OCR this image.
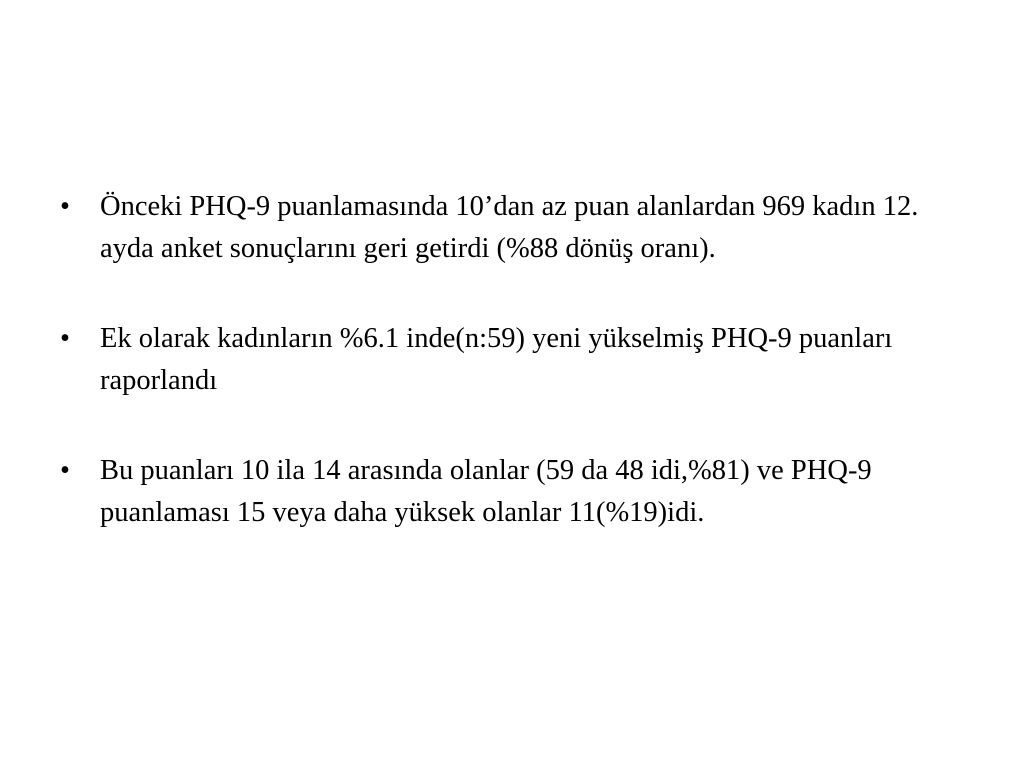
•	Önceki PHQ-9 puanlamasında 10’dan az puan alanlardan 969 kadın 12. ayda anket sonuçlarını geri getirdi (%88 dönüş oranı).
•	Ek olarak kadınların %6.1 inde(n:59) yeni yükselmiş PHQ-9 puanları raporlandı
•	Bu puanları 10 ila 14 arasında olanlar (59 da 48 idi,%81) ve PHQ-9 puanlaması 15 veya daha yüksek olanlar 11(%19)idi.
